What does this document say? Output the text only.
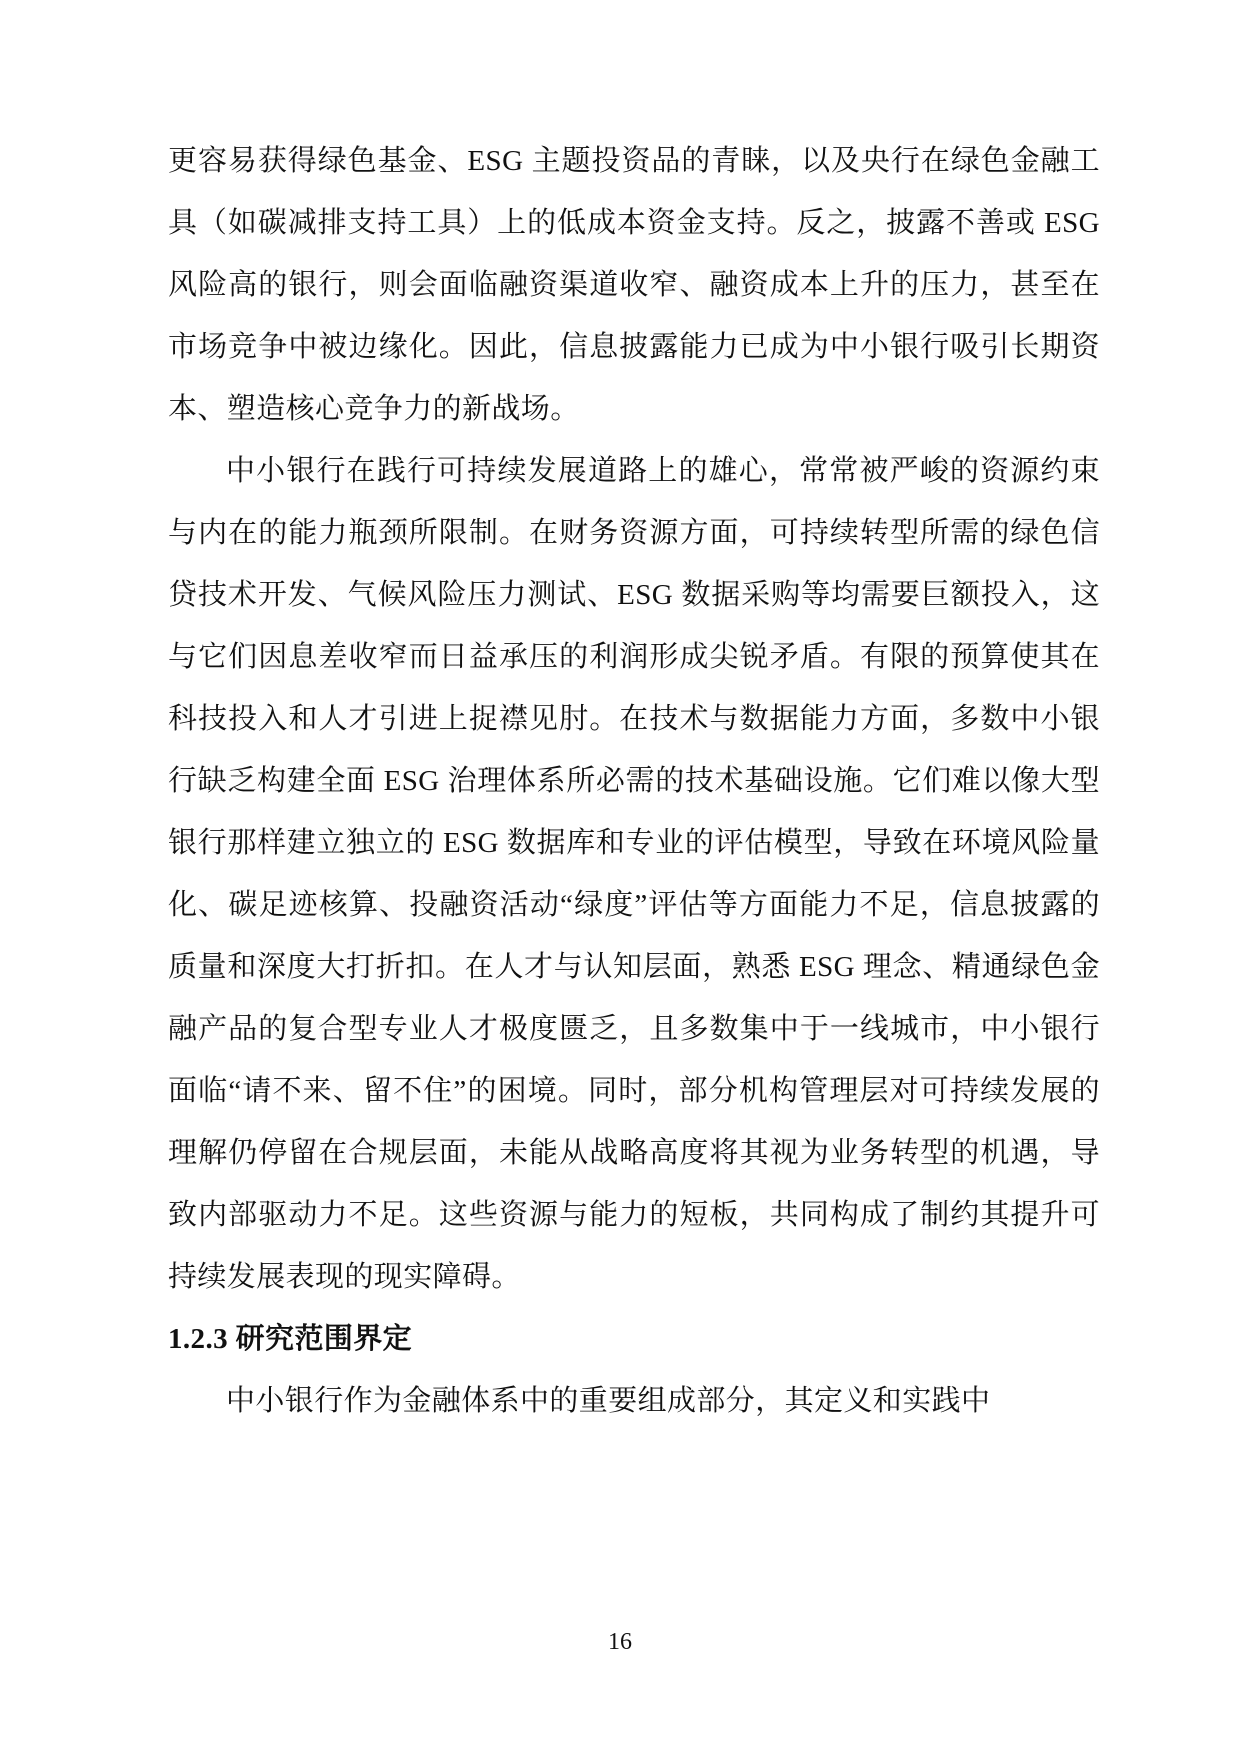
更容易获得绿色基金、ESG 主题投资品的青睐，以及央行在绿色金融工具（如碳减排支持工具）上的低成本资金支持。反之，披露不善或 ESG 风险高的银行，则会面临融资渠道收窄、融资成本上升的压力，甚至在市场竞争中被边缘化。因此，信息披露能力已成为中小银行吸引长期资本、塑造核心竞争力的新战场。

中小银行在践行可持续发展道路上的雄心，常常被严峻的资源约束与内在的能力瓶颈所限制。在财务资源方面，可持续转型所需的绿色信贷技术开发、气候风险压力测试、ESG 数据采购等均需要巨额投入，这与它们因息差收窄而日益承压的利润形成尖锐矛盾。有限的预算使其在科技投入和人才引进上捉襟见肘。在技术与数据能力方面，多数中小银行缺乏构建全面 ESG 治理体系所必需的技术基础设施。它们难以像大型银行那样建立独立的 ESG 数据库和专业的评估模型，导致在环境风险量化、碳足迹核算、投融资活动“绿度”评估等方面能力不足，信息披露的质量和深度大打折扣。在人才与认知层面，熟悉 ESG 理念、精通绿色金融产品的复合型专业人才极度匮乏，且多数集中于一线城市，中小银行面临“请不来、留不住”的困境。同时，部分机构管理层对可持续发展的理解仍停留在合规层面，未能从战略高度将其视为业务转型的机遇，导致内部驱动力不足。这些资源与能力的短板，共同构成了制约其提升可持续发展表现的现实障碍。

1.2.3 研究范围界定

中小银行作为金融体系中的重要组成部分，其定义和实践中

16
